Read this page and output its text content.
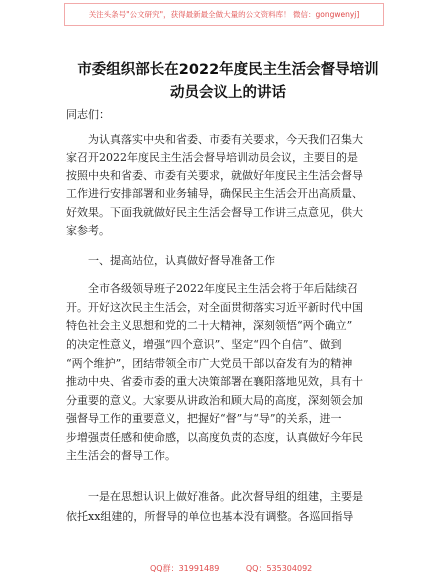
关注头条号"公文研究"，获得最新最全做大量的公文资料库！ 微信：gongwenyj]
市委组织部长在2022年度民主生活会督导培训
动员会议上的讲话
同志们：
为认真落实中央和省委、市委有关要求，今天我们召集大
家召开2022年度民主生活会督导培训动员会议，主要目的是
按照中央和省委、市委有关要求，就做好年度民主生活会督导
工作进行安排部署和业务辅导，确保民主生活会开出高质量、
好效果。下面我就做好民主生活会督导工作讲三点意见，供大
家参考。
一、提高站位，认真做好督导准备工作
全市各级领导班子2022年度民主生活会将于年后陆续召
开。开好这次民主生活会，对全面贯彻落实习近平新时代中国
特色社会主义思想和党的二十大精神，深刻领悟“两个确立”
的决定性意义，增强“四个意识”、坚定“四个自信”、做到
“两个维护”，团结带领全市广大党员干部以奋发有为的精神
推动中央、省委市委的重大决策部署在襄阳落地见效，具有十
分重要的意义。大家要从讲政治和顾大局的高度，深刻领会加
强督导工作的重要意义，把握好“督”与“导”的关系，进一
步增强责任感和使命感，以高度负责的态度，认真做好今年民
主生活会的督导工作。
一是在思想认识上做好准备。此次督导组的组建，主要是
依托xx组建的，所督导的单位也基本没有调整。各巡回指导
QQ群：31991489	QQ：535304092
